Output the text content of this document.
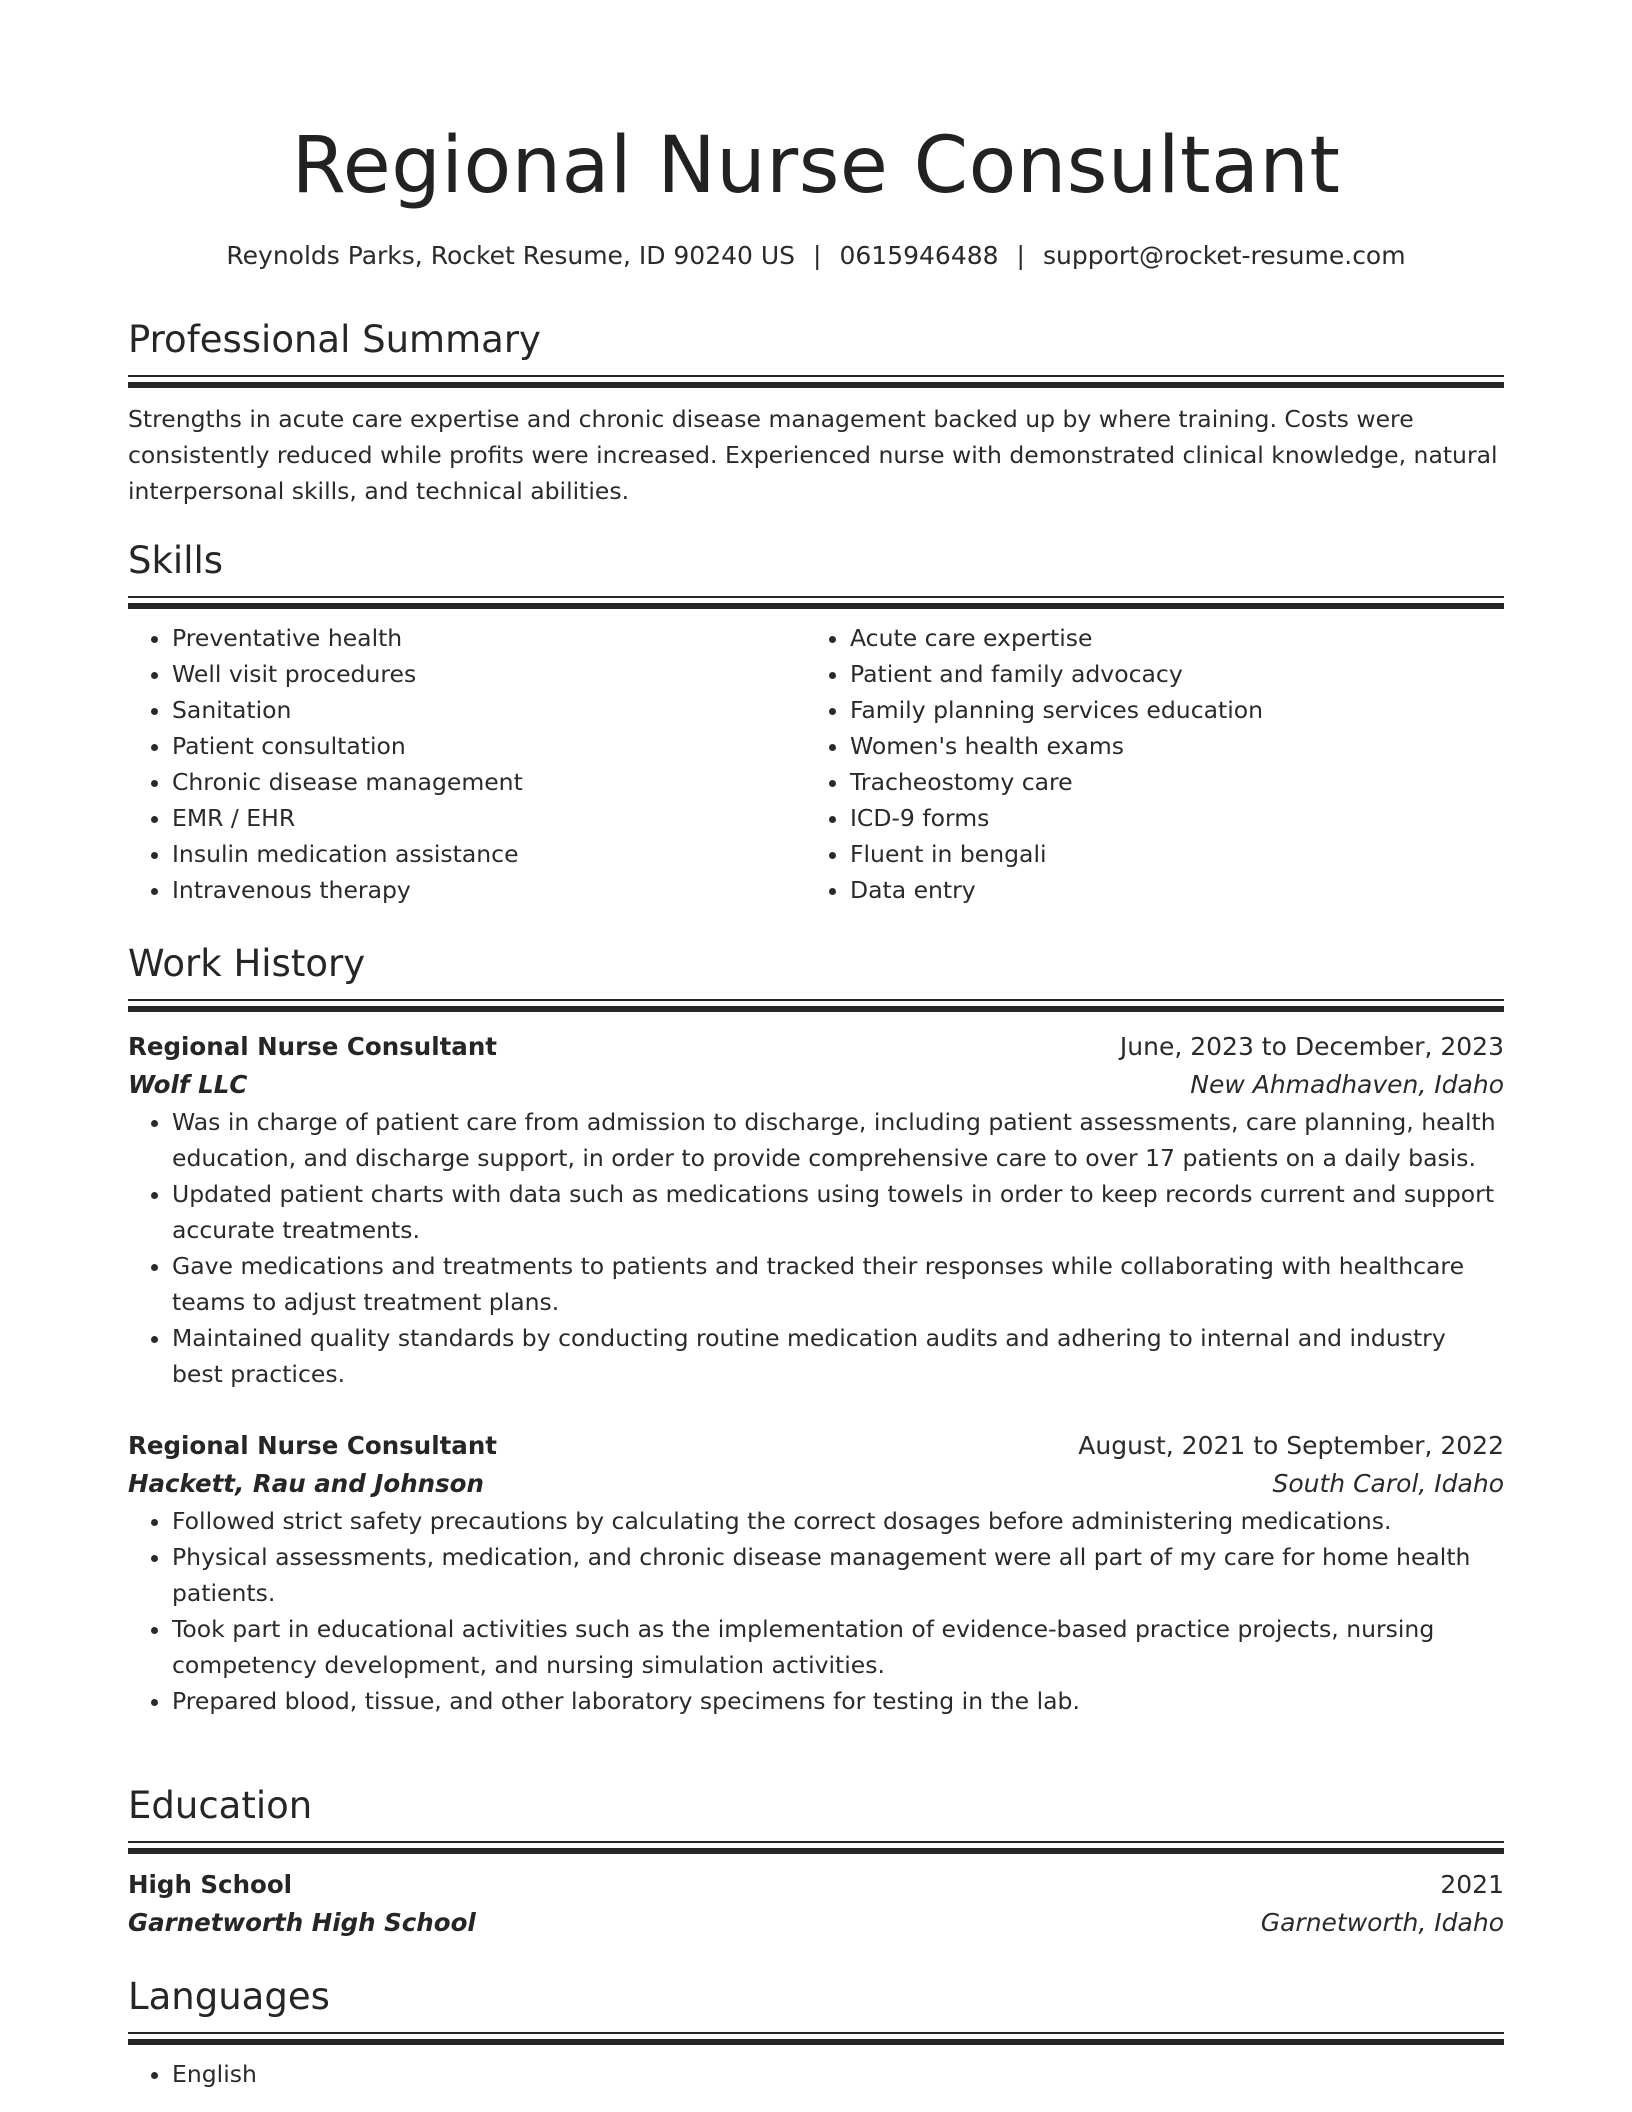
Regional Nurse Consultant
Reynolds Parks, Rocket Resume, ID 90240 US | 0615946488 | support@rocket-resume.com
Professional Summary
Strengths in acute care expertise and chronic disease management backed up by where training. Costs were consistently reduced while profits were increased. Experienced nurse with demonstrated clinical knowledge, natural interpersonal skills, and technical abilities.
Skills
• Preventative health
• Well visit procedures
• Sanitation
• Patient consultation
• Chronic disease management
• EMR / EHR
• Insulin medication assistance
• Intravenous therapy
• Acute care expertise
• Patient and family advocacy
• Family planning services education
• Women's health exams
• Tracheostomy care
• ICD-9 forms
• Fluent in bengali
• Data entry
Work History
Regional Nurse Consultant	June, 2023 to December, 2023
Wolf LLC	New Ahmadhaven, Idaho
• Was in charge of patient care from admission to discharge, including patient assessments, care planning, health education, and discharge support, in order to provide comprehensive care to over 17 patients on a daily basis.
• Updated patient charts with data such as medications using towels in order to keep records current and support accurate treatments.
• Gave medications and treatments to patients and tracked their responses while collaborating with healthcare teams to adjust treatment plans.
• Maintained quality standards by conducting routine medication audits and adhering to internal and industry best practices.
Regional Nurse Consultant	August, 2021 to September, 2022
Hackett, Rau and Johnson	South Carol, Idaho
• Followed strict safety precautions by calculating the correct dosages before administering medications.
• Physical assessments, medication, and chronic disease management were all part of my care for home health patients.
• Took part in educational activities such as the implementation of evidence-based practice projects, nursing competency development, and nursing simulation activities.
• Prepared blood, tissue, and other laboratory specimens for testing in the lab.
Education
High School	2021
Garnetworth High School	Garnetworth, Idaho
Languages
• English
